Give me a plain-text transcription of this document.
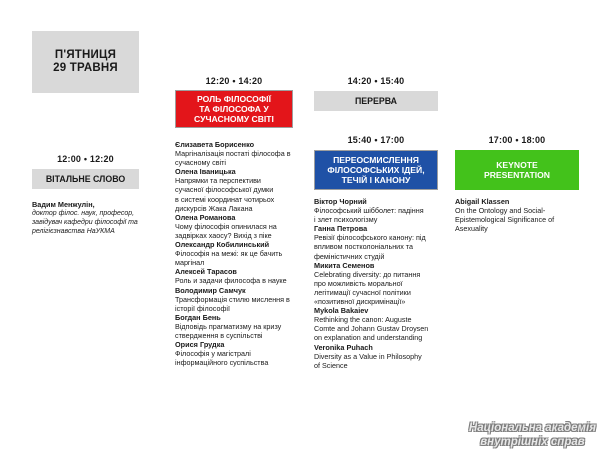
П'ЯТНИЦЯ
29 ТРАВНЯ
12:00 • 12:20
ВІТАЛЬНЕ СЛОВО
Вадим Менжулін,
доктор філос. наук, професор,
завідувач кафедри філософії та
релігієзнавства НаУКМА
12:20 • 14:20
РОЛЬ ФІЛОСОФІЇ
ТА ФІЛОСОФА У
СУЧАСНОМУ СВІТІ
Єлизавета Борисенко
Маргіналізація постаті філософа в
сучасному світі
Олена Іваницька
Напрямки та перспективи
сучасної філософської думки
в системі координат чотирьох
дискурсів Жака Лакана
Олена Романова
Чому філософія опинилася на
задвірках хаосу? Вихід з піке
Олександр Кобилинський
Філософія на межі: як це бачить
маргінал
Алексей Тарасов
Роль и задачи философа в науке
Володимир Самчук
Трансформація стилю мислення в
історії філософії
Богдан Бень
Відповідь прагматизму на кризу
ствердження в суспільстві
Орися Грудка
Філософія у магістралі
інформаційного суспільства
14:20 • 15:40
ПЕРЕРВА
15:40 • 17:00
ПЕРЕОСМИСЛЕННЯ
ФІЛОСОФСЬКИХ ІДЕЙ,
ТЕЧІЙ І КАНОНУ
Віктор Чорний
Філософський шібболет: падіння
і злет психологізму
Ганна Петрова
Ревізії філософського канону: під
впливом постколоніальних та
феміністичних студій
Микита Семенов
Celebrating diversity: до питання
про можливість моральної
легітимації сучасної політики
«позитивної дискримінації»
Mykola Bakaiev
Rethinking the canon: Auguste
Comte and Johann Gustav Droysen
on explanation and understanding
Veronika Puhach
Diversity as a Value in Philosophy
of Science
17:00 • 18:00
KEYNOTE
PRESENTATION
Abigail Klassen
On the Ontology and Social-
Epistemological Significance of
Asexuality
Національна академія
внутрішніх справ
